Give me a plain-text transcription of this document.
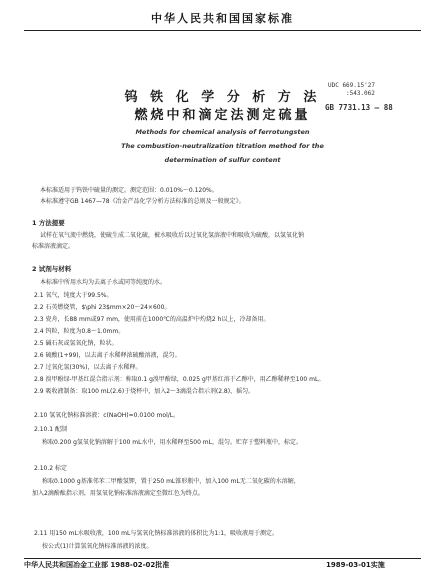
中华人民共和国国家标准
UDC 669.15'27
:543.062
GB 7731.13 — 88
钨 铁 化 学 分 析 方 法
燃烧中和滴定法测定硫量
Methods for chemical analysis of ferrotungsten
The combustion-neutralization titration method for the
determination of sulfur content
本标准适用于钨铁中硫量的测定。测定范围：0.010%～0.120%。
本标准遵守GB 1467—78《冶金产品化学分析方法标准的总则及一般规定》。
1 方法提要
试样在氧气流中燃烧，使硫生成二氧化硫，被水吸收后以过氧化氢溶液中和吸收为硫酸，以氢氧化钠
标准溶液滴定。
2 试剂与材料
本标准中所用水均为去离子水或同等纯度的水。
2.1 氧气，纯度大于99.5%。
2.2 石英燃烧管，$\phi 23$mm×20～24×600。
2.3 瓷舟，长88 mm或97 mm，使用前在1000℃的高温炉中灼烧2 h以上，冷却备用。
2.4 钨粒，粒度为0.8～1.0mm。
2.5 碱石灰或氢氧化钠，粒状。
2.6 硫酸(1+99)，以去离子水稀释浓硫酸溶液，混匀。
2.7 过氧化氢(30%)，以去离子水稀释。
2.8 溴甲酚绿-甲基红混合指示剂：称取0.1 g溴甲酚绿，0.025 g甲基红溶于乙醇中，用乙醇稀释至100 mL。
2.9 吸收液制备：取100 mL(2.6)于烧杯中，加入2～3滴混合指示剂(2.8)，摇匀。
2.10 氢氧化钠标准溶液：c(NaOH)=0.0100 mol/L。
2.10.1 配制
称取0.200 g氢氧化钠溶解于100 mL水中，用水稀释至500 mL，混匀。贮存于塑料瓶中，标定。
2.10.2 标定
称取0.1000 g基准邻苯二甲酸氢钾，置于250 mL锥形瓶中，加入100 mL无二氧化碳的水溶解，
加入2滴酚酞指示剂，用氢氧化钠标准溶液滴定至微红色为终点。
2.11 用150 mL水吸收液，100 mL与氢氧化钠标准溶液的体积比为1:1，吸收液用于测定。
按公式(1)计算氢氧化钠标准溶液的浓度。
中华人民共和国冶金工业部 1988-02-02批准	1989-03-01实施
